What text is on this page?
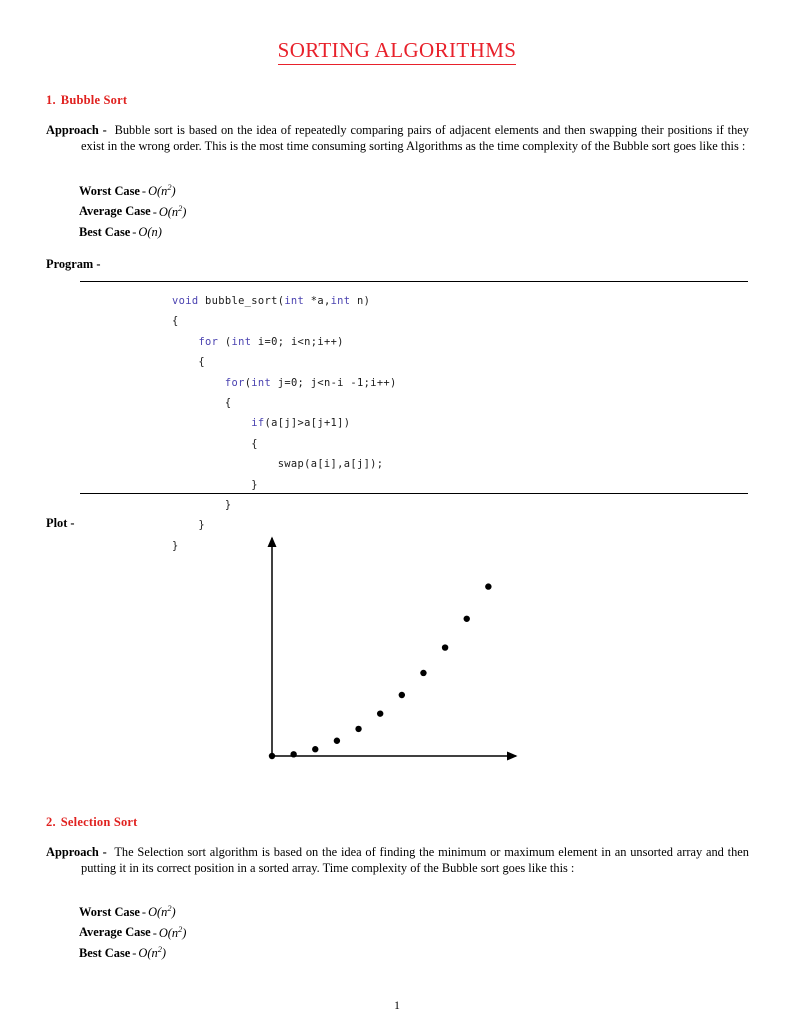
SORTING ALGORITHMS
1. Bubble Sort
Approach - Bubble sort is based on the idea of repeatedly comparing pairs of adjacent elements and then swapping their positions if they exist in the wrong order. This is the most time consuming sorting Algorithms as the time complexity of the Bubble sort goes like this :
Worst Case - $O(n^2)$
Average Case - $O(n^2)$
Best Case - O(n)
Program -
void bubble_sort(int *a,int n)
{
for (int i=0; i<n;i++)
{
for(int j=0; j<n-i -1;i++)
{
if(a[j]>a[j+1])
{
swap(a[i],a[j]);
}
}
}
}
Plot -
2. Selection Sort
Approach - The Selection sort algorithm is based on the idea of finding the minimum or maximum element in an unsorted array and then putting it in its correct position in a sorted array. Time complexity of the Bubble sort goes like this :
Worst Case - $O(n^2)$
Average Case - $O(n^2)$
Best Case - $O(n^2)$
1
